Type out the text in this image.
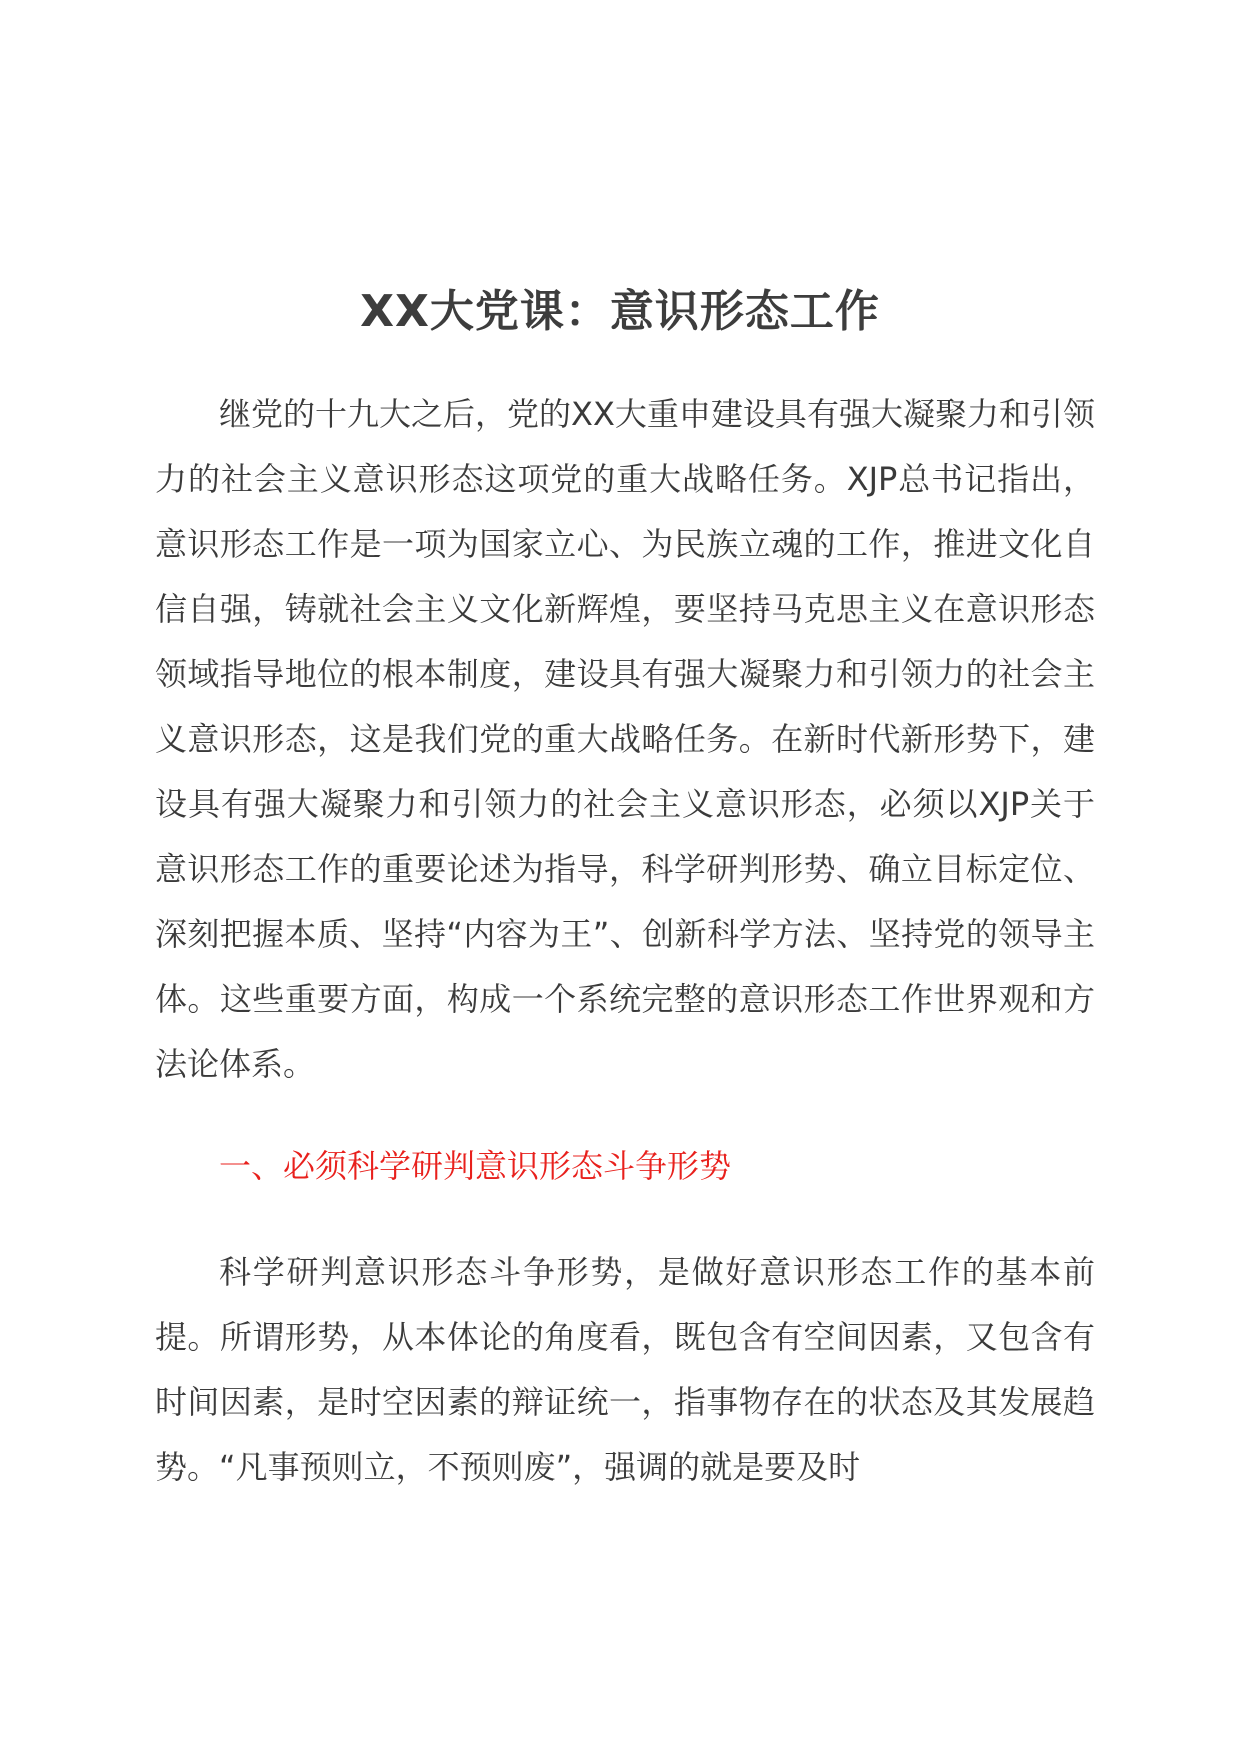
XX大党课：意识形态工作

继党的十九大之后，党的XX大重申建设具有强大凝聚力和引领力的社会主义意识形态这项党的重大战略任务。XJP总书记指出，意识形态工作是一项为国家立心、为民族立魂的工作，推进文化自信自强，铸就社会主义文化新辉煌，要坚持马克思主义在意识形态领域指导地位的根本制度，建设具有强大凝聚力和引领力的社会主义意识形态，这是我们党的重大战略任务。在新时代新形势下，建设具有强大凝聚力和引领力的社会主义意识形态，必须以XJP关于意识形态工作的重要论述为指导，科学研判形势、确立目标定位、深刻把握本质、坚持“内容为王”、创新科学方法、坚持党的领导主体。这些重要方面，构成一个系统完整的意识形态工作世界观和方法论体系。

一、必须科学研判意识形态斗争形势

科学研判意识形态斗争形势，是做好意识形态工作的基本前提。所谓形势，从本体论的角度看，既包含有空间因素，又包含有时间因素，是时空因素的辩证统一，指事物存在的状态及其发展趋势。“凡事预则立，不预则废”，强调的就是要及时
